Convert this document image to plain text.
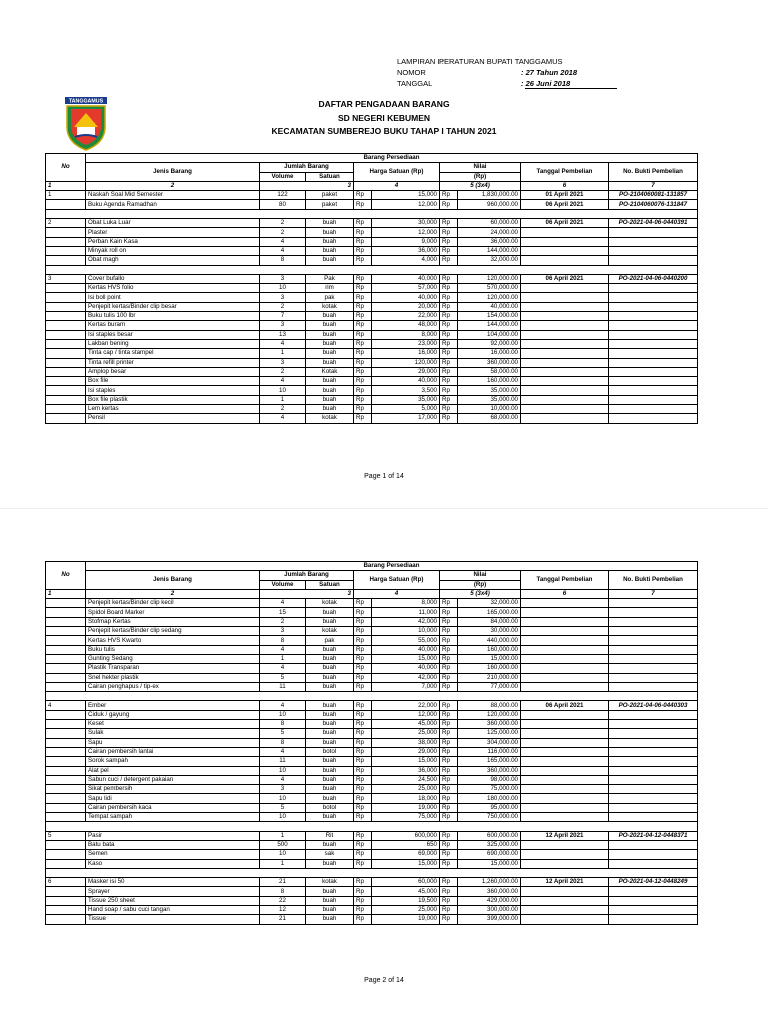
LAMPIRAN I :
PERATURAN BUPATI TANGGAMUS
NOMOR	: 27 Tahun 2018
TANGGAL	: 26 Juni 2018
TANGGAMUS	DAFTAR PENGADAAN BARANG
SD NEGERI KEBUMEN
KECAMATAN SUMBEREJO BUKU TAHAP I TAHUN 2021
No	Barang Persediaan								
	Jenis Barang	Jumlah Barang		Harga Satuan (Rp)		Nilai		Tanggal Pembelian	No. Bukti Pembelian
		Volume	Satuan			(Rp)			
1	2	3		4		5 (3x4)		6	7
1	Naskah Soal Mid Semester	122	paket	Rp	15,000	Rp	1,830,000.00	01 April 2021	PO-2104060081-131857
	Buku Agenda Ramadhan	80	paket	Rp	12,000	Rp	960,000.00	06 April 2021	PO-2104060076-131847

2	Obat Luka Luar	2	buah	Rp	30,000	Rp	60,000.00	06 April 2021	PO-2021-04-06-0440391
	Plaster	2	buah	Rp	12,000	Rp	24,000.00		
	Perban Kain Kasa	4	buah	Rp	9,000	Rp	36,000.00		
	Minyak roll on	4	buah	Rp	36,000	Rp	144,000.00		
	Obat magh	8	buah	Rp	4,000	Rp	32,000.00		

3	Cover bufallo	3	Pak	Rp	40,000	Rp	120,000.00	06 April 2021	PO-2021-04-06-0440200
	Kertas HVS folio	10	rim	Rp	57,000	Rp	570,000.00		
	Isi boll point	3	pak	Rp	40,000	Rp	120,000.00		
	Penjepit kertas/Binder clip besar	2	kotak	Rp	20,000	Rp	40,000.00		
	Buku tulis 100 lbr	7	buah	Rp	22,000	Rp	154,000.00		
	Kertas buram	3	buah	Rp	48,000	Rp	144,000.00		
	Isi staples besar	13	buah	Rp	8,000	Rp	104,000.00		
	Lakban bening	4	buah	Rp	23,000	Rp	92,000.00		
	Tinta cap / tinta stampel	1	buah	Rp	16,000	Rp	16,000.00		
	Tinta refill printer	3	buah	Rp	120,000	Rp	360,000.00		
	Amplop besar	2	Kotak	Rp	29,000	Rp	58,000.00		
	Box file	4	buah	Rp	40,000	Rp	160,000.00		
	Isi staples	10	buah	Rp	3,500	Rp	35,000.00		
	Box file plastik	1	buah	Rp	35,000	Rp	35,000.00		
	Lem kertas	2	buah	Rp	5,000	Rp	10,000.00		
	Pensil	4	kotak	Rp	17,000	Rp	68,000.00		
Page 1 of 14
No	Barang Persediaan								
	Jenis Barang	Jumlah Barang		Harga Satuan (Rp)		Nilai		Tanggal Pembelian	No. Bukti Pembelian
		Volume	Satuan			(Rp)			
1	2	3		4		5 (3x4)		6	7
	Penjepit kertas/Binder clip kecil	4	kotak	Rp	8,000	Rp	32,000.00		
	Spidol Board Marker	15	buah	Rp	11,000	Rp	165,000.00		
	Stofmap Kertas	2	buah	Rp	42,000	Rp	84,000.00		
	Penjepit kertas/Binder clip sedang	3	kotak	Rp	10,000	Rp	30,000.00		
	Kertas HVS Kwarto	8	pak	Rp	55,000	Rp	440,000.00		
	Buku tulis	4	buah	Rp	40,000	Rp	160,000.00		
	Gunting Sedang	1	buah	Rp	15,000	Rp	15,000.00		
	Plastik Transparan	4	buah	Rp	40,000	Rp	160,000.00		
	Snel hekter plastik	5	buah	Rp	42,000	Rp	210,000.00		
	Cairan penghapus / tip-ex	11	buah	Rp	7,000	Rp	77,000.00		

4	Ember	4	buah	Rp	22,000	Rp	88,000.00	06 April 2021	PO-2021-04-06-0440303
	Ciduk / gayung	10	buah	Rp	12,000	Rp	120,000.00		
	Keset	8	buah	Rp	45,000	Rp	360,000.00		
	Sulak	5	buah	Rp	25,000	Rp	125,000.00		
	Sapu	8	buah	Rp	38,000	Rp	304,000.00		
	Cairan pembersih lantai	4	botol	Rp	29,000	Rp	116,000.00		
	Sorok sampah	11	buah	Rp	15,000	Rp	165,000.00		
	Alat pel	10	buah	Rp	36,000	Rp	360,000.00		
	Sabun cuci / detergent pakaian	4	buah	Rp	24,500	Rp	98,000.00		
	Sikat pembersih	3	buah	Rp	25,000	Rp	75,000.00		
	Sapu lidi	10	buah	Rp	18,000	Rp	180,000.00		
	Cairan pembersih kaca	5	botol	Rp	19,000	Rp	95,000.00		
	Tempat sampah	10	buah	Rp	75,000	Rp	750,000.00		

5	Pasir	1	Rit	Rp	600,000	Rp	600,000.00	12 April 2021	PO-2021-04-12-0448371
	Batu bata	500	buah	Rp	650	Rp	325,000.00		
	Semen	10	sak	Rp	69,000	Rp	690,000.00		
	Kaso	1	buah	Rp	15,000	Rp	15,000.00		

6	Masker isi 50	21	kotak	Rp	60,000	Rp	1,260,000.00	12 April 2021	PO-2021-04-12-0448249
	Sprayer	8	buah	Rp	45,000	Rp	360,000.00		
	Tissue 250 sheet	22	buah	Rp	19,500	Rp	429,000.00		
	Hand soap / sabu cuci tangan	12	buah	Rp	25,000	Rp	300,000.00		
	Tissue	21	buah	Rp	19,000	Rp	399,000.00		
Page 2 of 14
